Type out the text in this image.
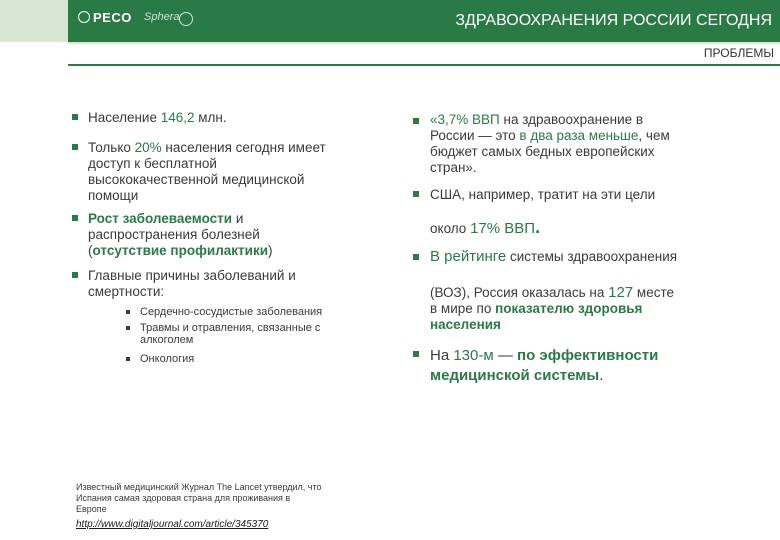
PECO Sphera	ЗДРАВООХРАНЕНИЯ РОССИИ СЕГОДНЯ
ПРОБЛЕМЫ
Население 146,2 млн.
Только 20% населения сегодня имеет
доступ к бесплатной
высококачественной медицинской
помощи
Рост заболеваемости и
распространения болезней
(отсутствие профилактики)
Главные причины заболеваний и
смертности:
Сердечно-сосудистые заболевания
Травмы и отравления, связанные с
алкоголем
Онкология
«3,7% ВВП на здравоохранение в
России — это в два раза меньше, чем
бюджет самых бедных европейских
стран».
США, например, тратит на эти цели
около 17% ВВП.
В рейтинге системы здравоохранения
(ВОЗ), Россия оказалась на 127 месте
в мире по показателю здоровья
населения
На 130-м — по эффективности
медицинской системы.
Известный медицинский Журнал The Lancet утвердил, что
Испания самая здоровая страна для проживания в
Европе
http://www.digitaljournal.com/article/345370
